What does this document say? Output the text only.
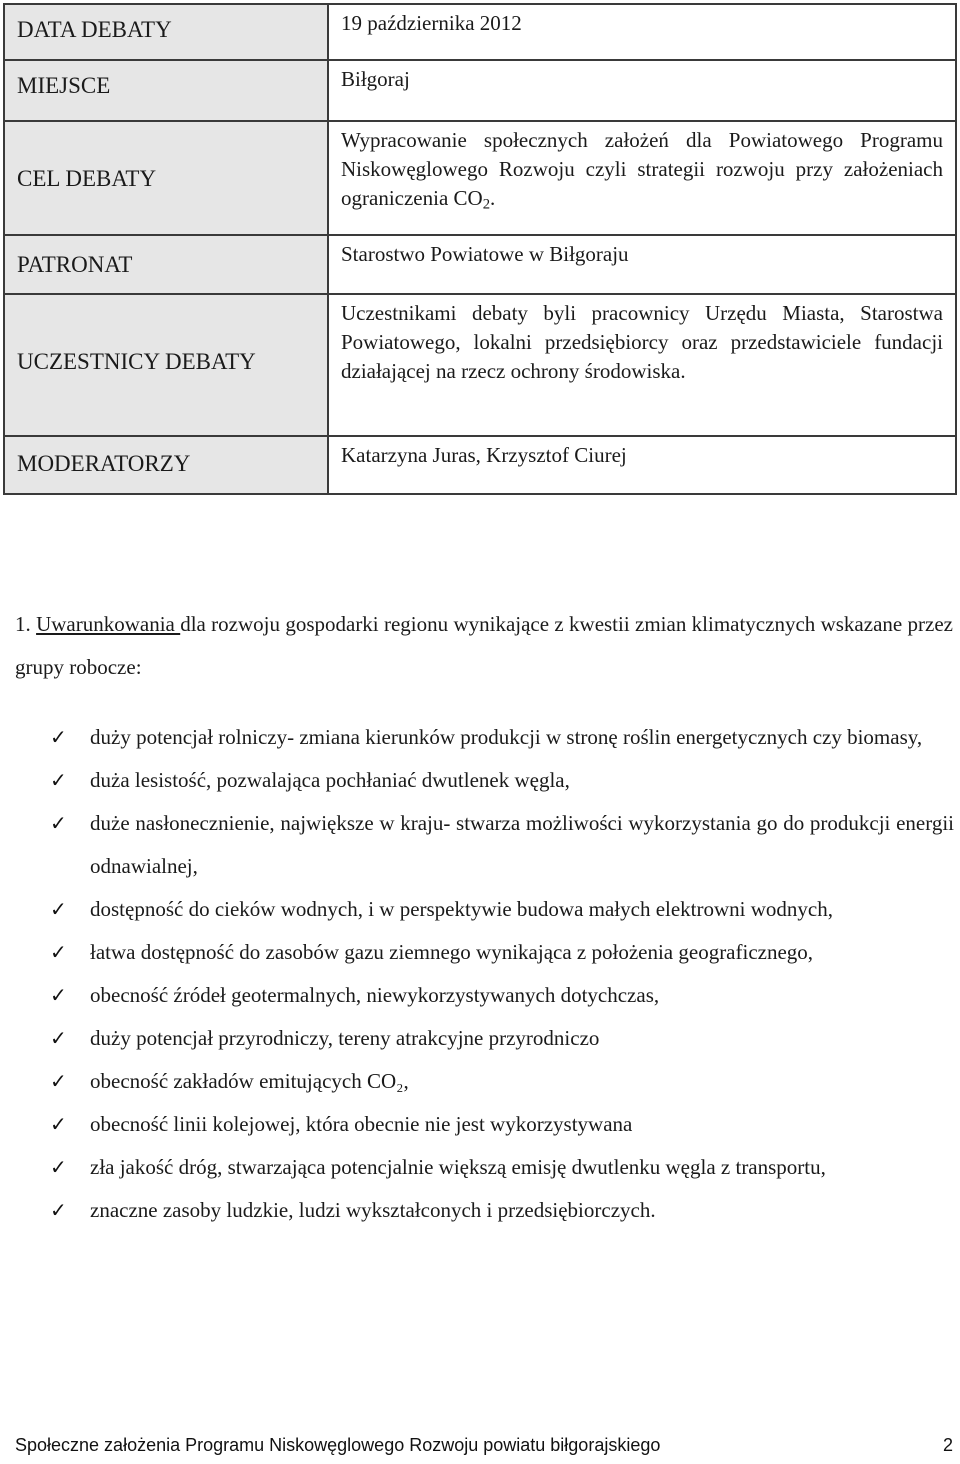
DATA DEBATY	19 października 2012
MIEJSCE	Biłgoraj
CEL DEBATY	Wypracowanie społecznych założeń dla Powiatowego Programu Niskowęglowego Rozwoju czyli strategii rozwoju przy założeniach ograniczenia $CO_2$.
PATRONAT	Starostwo Powiatowe w Biłgoraju
UCZESTNICY DEBATY	Uczestnikami debaty byli pracownicy Urzędu Miasta, Starostwa Powiatowego, lokalni przedsiębiorcy oraz przedstawiciele fundacji działającej na rzecz ochrony środowiska.
MODERATORZY	Katarzyna Juras, Krzysztof Ciurej
1. Uwarunkowania dla rozwoju gospodarki regionu wynikające z kwestii zmian klimatycznych wskazane przez grupy robocze:
✓ duży potencjał rolniczy- zmiana kierunków produkcji w stronę roślin energetycznych czy biomasy,
✓ duża lesistość, pozwalająca pochłaniać dwutlenek węgla,
✓ duże nasłonecznienie, największe w kraju- stwarza możliwości wykorzystania go do produkcji energii odnawialnej,
✓ dostępność do cieków wodnych, i w perspektywie budowa małych elektrowni wodnych,
✓ łatwa dostępność do zasobów gazu ziemnego wynikająca z położenia geograficznego,
✓ obecność źródeł geotermalnych, niewykorzystywanych dotychczas,
✓ duży potencjał przyrodniczy, tereny atrakcyjne przyrodniczo
✓ obecność zakładów emitujących CO₂,
✓ obecność linii kolejowej, która obecnie nie jest wykorzystywana
✓ zła jakość dróg, stwarzająca potencjalnie większą emisję dwutlenku węgla z transportu,
✓ znaczne zasoby ludzkie, ludzi wykształconych i przedsiębiorczych.
Społeczne założenia Programu Niskowęglowego Rozwoju powiatu biłgorajskiego	2
